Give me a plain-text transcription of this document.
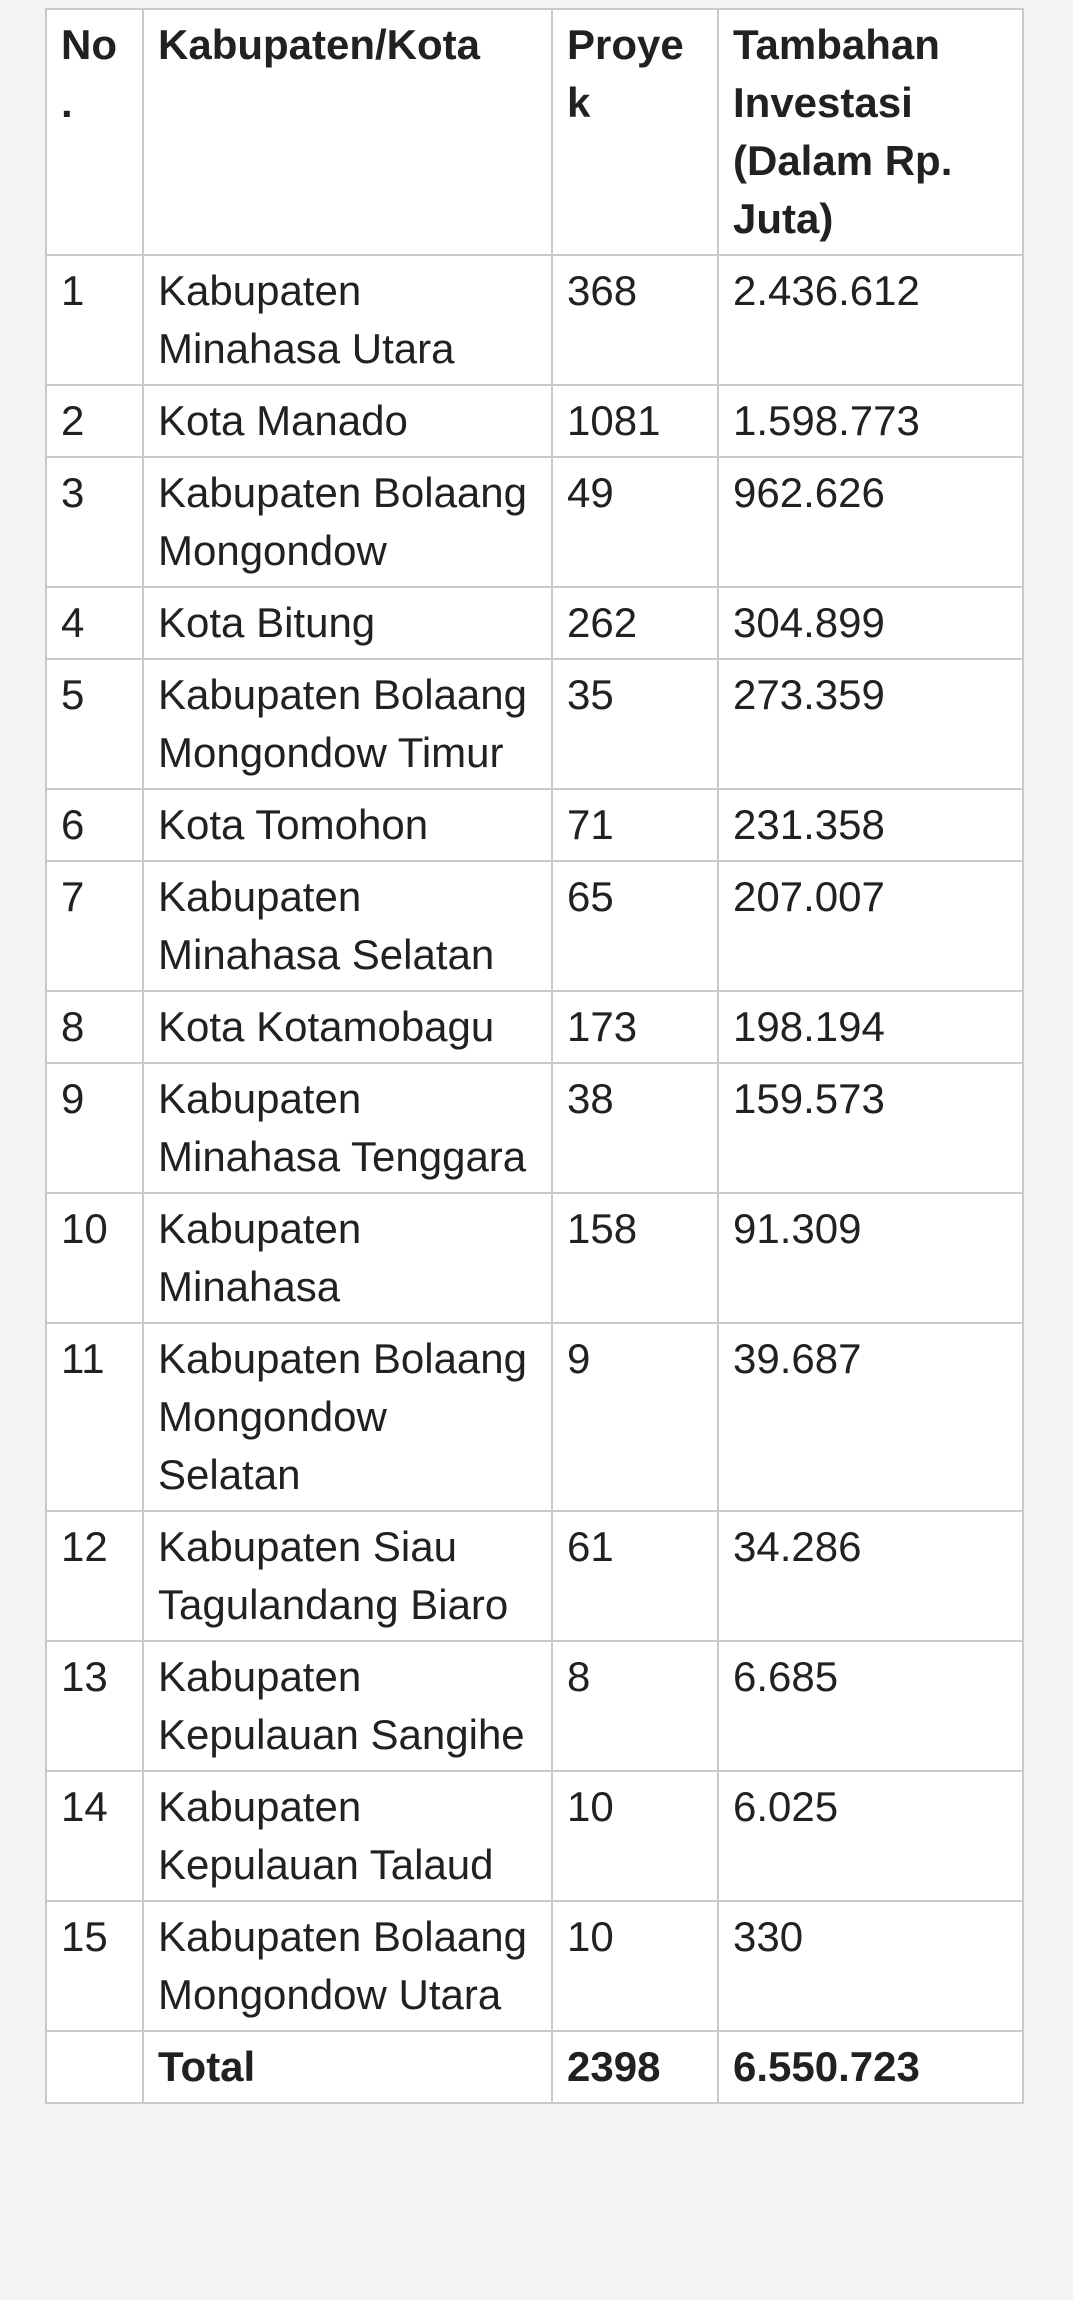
No.	Kabupaten/Kota	Proyek	Tambahan Investasi (Dalam Rp. Juta)
1	Kabupaten Minahasa Utara	368	2.436.612
2	Kota Manado	1081	1.598.773
3	Kabupaten Bolaang Mongondow	49	962.626
4	Kota Bitung	262	304.899
5	Kabupaten Bolaang Mongondow Timur	35	273.359
6	Kota Tomohon	71	231.358
7	Kabupaten Minahasa Selatan	65	207.007
8	Kota Kotamobagu	173	198.194
9	Kabupaten Minahasa Tenggara	38	159.573
10	Kabupaten Minahasa	158	91.309
11	Kabupaten Bolaang Mongondow Selatan	9	39.687
12	Kabupaten Siau Tagulandang Biaro	61	34.286
13	Kabupaten Kepulauan Sangihe	8	6.685
14	Kabupaten Kepulauan Talaud	10	6.025
15	Kabupaten Bolaang Mongondow Utara	10	330
	Total	2398	6.550.723
